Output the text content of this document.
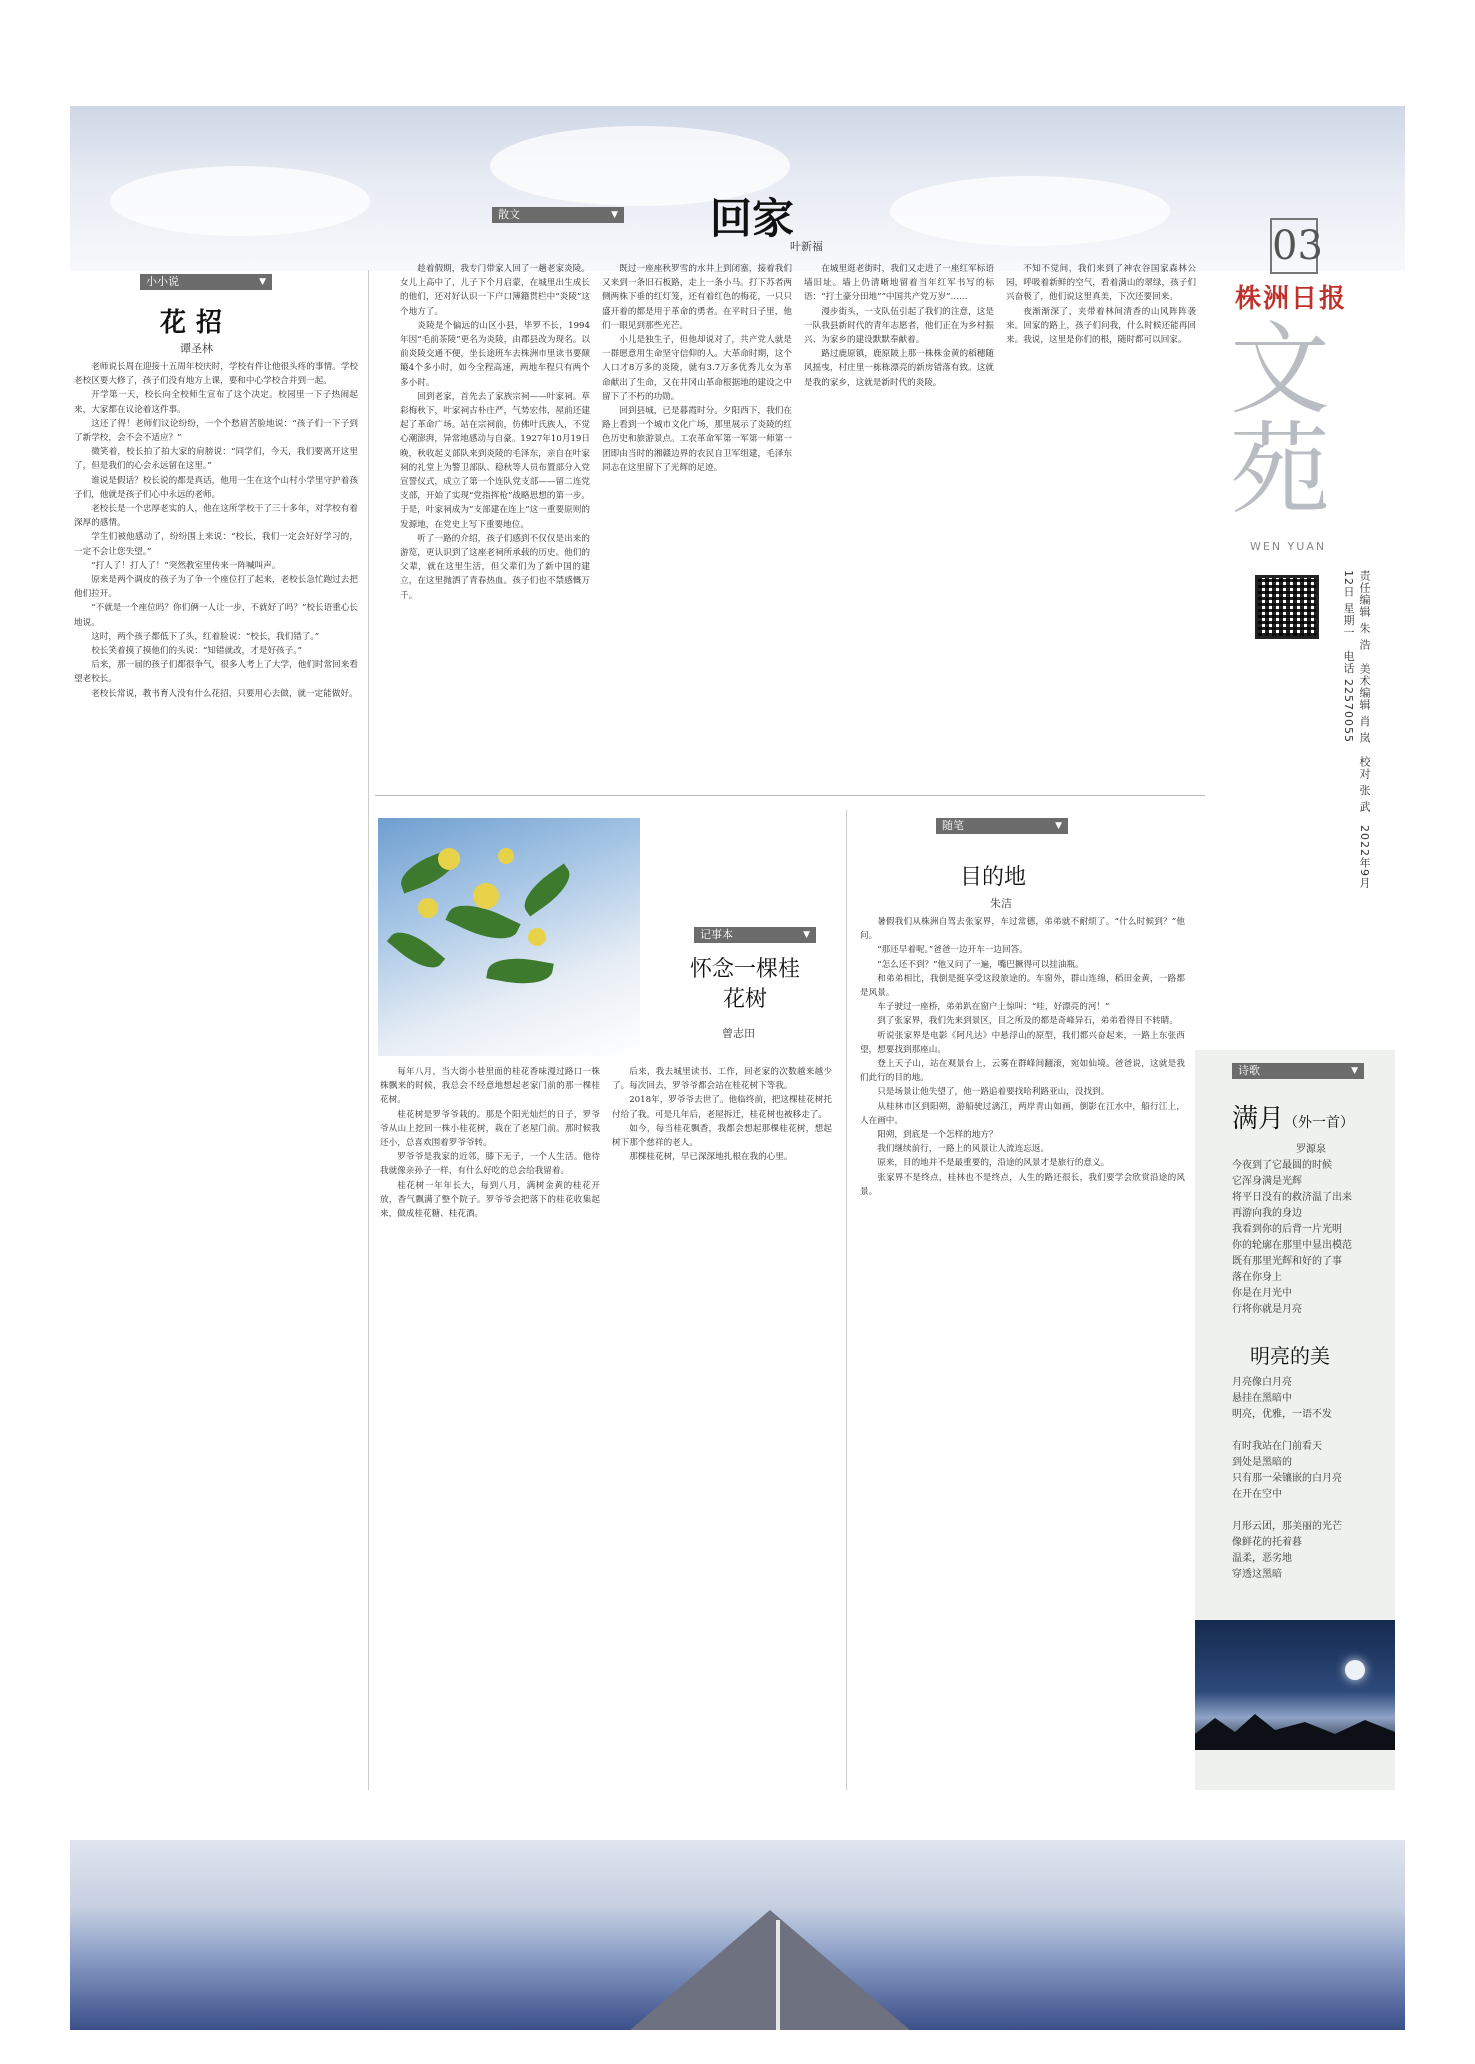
03
株洲日报
文苑
WEN YUAN
责任编辑 朱 浩　美术编辑 肖 岚　校对 张 武　2022年9月12日 星期一　电话 22570055
散文	▼ 回家
叶新福

趁着假期，我专门带家人回了一趟老家炎陵。女儿上高中了，儿子下个月启蒙，在城里出生成长的他们，还对好认识一下户口簿籍贯栏中“炎陵”这个地方了。

炎陵是个偏远的山区小县，毕罗不长，1994年因“毛前茶陵”更名为炎陵，由郡县改为现名。以前炎陵交通不便，坐长途班车去株洲市里读书要颠簸4个多小时，如今全程高速，两地车程只有两个多小时。

回到老家，首先去了家族宗祠——叶家祠。草彩梅秋下，叶家祠古朴庄严，气势宏伟，屋前还建起了革命广场。站在宗祠前，仿佛叶氏族人，不觉心潮澎湃，异常地感动与自豪。1927年10月19日晚，秋收起义部队来到炎陵的毛泽东，亲自在叶家祠的礼堂上为警卫部队、稳秋等人员布置部分入党宣誓仪式，成立了第一个连队党支部——留二连党支部，开始了实现“党指挥枪”战略思想的第一步。于是，叶家祠成为“支部建在连上”这一重要原则的发源地，在党史上写下重要地位。

听了一路的介绍，孩子们感到不仅仅是出来的游览，更认识到了这座老祠所承载的历史。他们的父辈，就在这里生活，但父辈们为了新中国的建立，在这里抛洒了青春热血。孩子们也不禁感慨万千。

既过一座座秋罗雪的水井上到闭塞，接着我们又来到一条旧石板路，走上一条小马。打下苏者两侧两株下垂的红灯笼，还有着红色的梅花，一只只盛开着的都是用于革命的勇者。在平时日子里，他们一眼见到那些光芒。

小儿是独生子，但他却说对了，共产党人就是一群愿意用生命坚守信仰的人。大革命时期，这个人口才8万多的炎陵，就有3.7万多优秀儿女为革命献出了生命，又在井冈山革命根据地的建设之中留下了不朽的功勋。

回到县城，已是暮霞时分。夕阳西下，我们在路上看到一个城市文化广场，那里展示了炎陵的红色历史和旅游景点。工农革命军第一军第一师第一团即由当时的湘赣边界的农民自卫军组建，毛泽东同志在这里留下了光辉的足迹。

在城里逛老街时，我们又走进了一座红军标语墙旧址。墙上仍清晰地留着当年红军书写的标语：“打土豪分田地”“中国共产党万岁”……

漫步街头，一支队伍引起了我们的注意，这是一队我县新时代的青年志愿者，他们正在为乡村振兴、为家乡的建设默默奉献着。

路过鹿原镇，鹿原陂上那一株株金黄的稻穗随风摇曳，村庄里一栋栋漂亮的新房错落有致。这就是我的家乡，这就是新时代的炎陵。

不知不觉间，我们来到了神农谷国家森林公园，呼吸着新鲜的空气，看着满山的翠绿，孩子们兴奋极了，他们说这里真美，下次还要回来。

夜渐渐深了，夹带着林间清香的山风阵阵袭来。回家的路上，孩子们问我，什么时候还能再回来。我说，这里是你们的根，随时都可以回家。

小小说	▼
花招
谭圣林

老师说长周在迎接十五周年校庆时，学校有件让他很头疼的事情。学校老校区要大修了，孩子们没有地方上课，要和中心学校合并到一起。

开学第一天，校长向全校师生宣布了这个决定。校园里一下子热闹起来，大家都在议论着这件事。

这还了得！老师们议论纷纷，一个个愁眉苦脸地说：“孩子们一下子到了新学校，会不会不适应？”

微笑着，校长拍了拍大家的肩膀说：“同学们，今天，我们要离开这里了，但是我们的心会永远留在这里。”

谁说是假话？校长说的都是真话，他用一生在这个山村小学里守护着孩子们，他就是孩子们心中永远的老师。

老校长是一个忠厚老实的人，他在这所学校干了三十多年，对学校有着深厚的感情。

学生们被他感动了，纷纷围上来说：“校长，我们一定会好好学习的，一定不会让您失望。”

“打人了！打人了！”突然教室里传来一阵喊叫声。

原来是两个调皮的孩子为了争一个座位打了起来，老校长急忙跑过去把他们拉开。

“不就是一个座位吗？你们俩一人让一步，不就好了吗？”校长语重心长地说。

这时，两个孩子都低下了头，红着脸说：“校长，我们错了。”

校长笑着摸了摸他们的头说：“知错就改，才是好孩子。”

后来，那一届的孩子们都很争气，很多人考上了大学，他们时常回来看望老校长。

老校长常说，教书育人没有什么花招，只要用心去做，就一定能做好。

记事本	▼
怀念一棵桂花树
曾志田

每年八月，当大街小巷里面的桂花香味漫过路口一株株飘来的时候，我总会不经意地想起老家门前的那一棵桂花树。

桂花树是罗爷爷栽的。那是个阳光灿烂的日子，罗爷爷从山上挖回一株小桂花树，栽在了老屋门前。那时候我还小，总喜欢围着罗爷爷转。

罗爷爷是我家的近邻，膝下无子，一个人生活。他待我就像亲孙子一样，有什么好吃的总会给我留着。

桂花树一年年长大，每到八月，满树金黄的桂花开放，香气飘满了整个院子。罗爷爷会把落下的桂花收集起来，做成桂花糖、桂花酒。

后来，我去城里读书、工作，回老家的次数越来越少了。每次回去，罗爷爷都会站在桂花树下等我。

2018年，罗爷爷去世了。他临终前，把这棵桂花树托付给了我。可是几年后，老屋拆迁，桂花树也被移走了。

如今，每当桂花飘香，我都会想起那棵桂花树，想起树下那个慈祥的老人。

那棵桂花树，早已深深地扎根在我的心里。

随笔	▼
目的地
朱洁

暑假我们从株洲自驾去张家界，车过常德，弟弟就不耐烦了。“什么时候到？”他问。

“那还早着呢。”爸爸一边开车一边回答。

“怎么还不到？”他又问了一遍，嘴巴撅得可以挂油瓶。

和弟弟相比，我倒是挺享受这段旅途的。车窗外，群山连绵，稻田金黄，一路都是风景。

车子驶过一座桥，弟弟趴在窗户上惊叫：“哇，好漂亮的河！”

到了张家界，我们先来到景区，目之所及的都是奇峰异石，弟弟看得目不转睛。

听说张家界是电影《阿凡达》中悬浮山的原型，我们都兴奋起来，一路上东张西望，想要找到那座山。

登上天子山，站在观景台上，云雾在群峰间翻滚，宛如仙境。爸爸说，这就是我们此行的目的地。

只是场景让他失望了，他一路追着要找哈利路亚山，没找到。

从桂林市区到阳朔，游船驶过漓江，两岸青山如画，倒影在江水中，船行江上，人在画中。

阳朔，到底是一个怎样的地方？

我们继续前行，一路上的风景让人流连忘返。

原来，目的地并不是最重要的，沿途的风景才是旅行的意义。

张家界不是终点，桂林也不是终点，人生的路还很长，我们要学会欣赏沿途的风景。

诗歌	▼
满月（外一首）
罗源泉

今夜到了它最圆的时候

它浑身满是光辉

将平日没有的救济温了出来

再游向我的身边

我看到你的后背一片光明

你的轮廓在那里中显出模范

既有那里光辉和好的了事

落在你身上

你是在月光中

行将你就是月亮

明亮的美

月亮像白月亮

悬挂在黑暗中

明亮，优雅，一语不发

有时我站在门前看天

到处是黑暗的

只有那一朵镶嵌的白月亮

在开在空中

月形云团，那美丽的光芒

像鲜花的托着暮

温柔，恶劣地

穿透这黑暗
